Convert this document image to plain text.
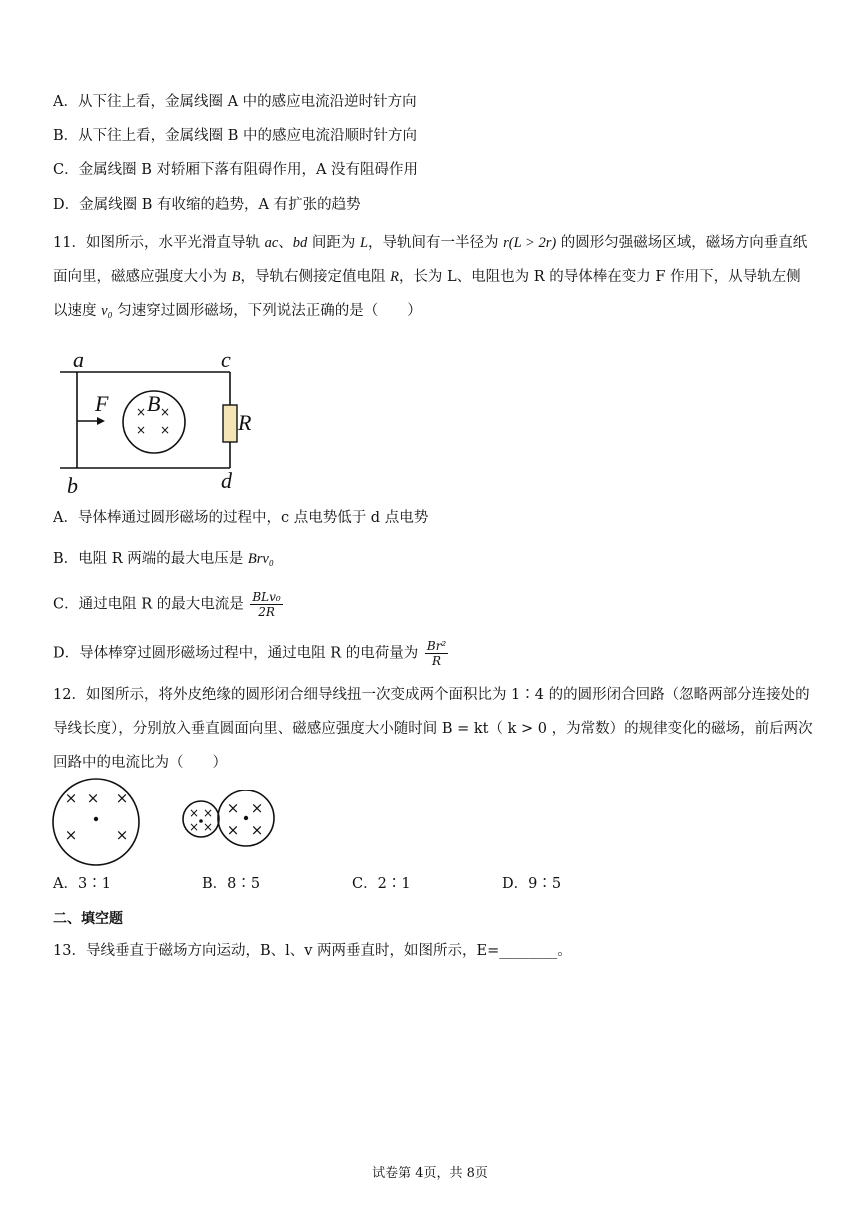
A．从下往上看，金属线圈 A 中的感应电流沿逆时针方向
B．从下往上看，金属线圈 B 中的感应电流沿顺时针方向
C．金属线圈 B 对轿厢下落有阻碍作用，A 没有阻碍作用
D．金属线圈 B 有收缩的趋势，A 有扩张的趋势
11．如图所示，水平光滑直导轨 ac、bd 间距为 L，导轨间有一半径为 r(L > 2r) 的圆形匀强磁场区域，磁场方向垂直纸面向里，磁感应强度大小为 B，导轨右侧接定值电阻 R，长为 L、电阻也为 R 的导体棒在变力 F 作用下，从导轨左侧以速度 v₀ 匀速穿过圆形磁场，下列说法正确的是（　　）
× ×
× ×
a	c
b	d
F B
R
A．导体棒通过圆形磁场的过程中，c 点电势低于 d 点电势
B．电阻 R 两端的最大电压是 Brv₀
C．通过电阻 R 的最大电流是 $\frac{\text{BLv₀}}{2R}$
D．导体棒穿过圆形磁场过程中，通过电阻 R 的电荷量为 $\frac{\text{Br²}}{R}$
12．如图所示，将外皮绝缘的圆形闭合细导线扭一次变成两个面积比为 1∶4 的的圆形闭合回路（忽略两部分连接处的导线长度），分别放入垂直圆面向里、磁感应强度大小随时间 B = kt（ k > 0 ，为常数）的规律变化的磁场，前后两次回路中的电流比为（　　）
× × ×
×	×
× ×
× ×
× ×
× ×
A．3∶1	B．8∶5	C．2∶1	D．9∶5
二、填空题
13．导线垂直于磁场方向运动，B、l、v 两两垂直时，如图所示，E=________。
试卷第 4页，共 8页
